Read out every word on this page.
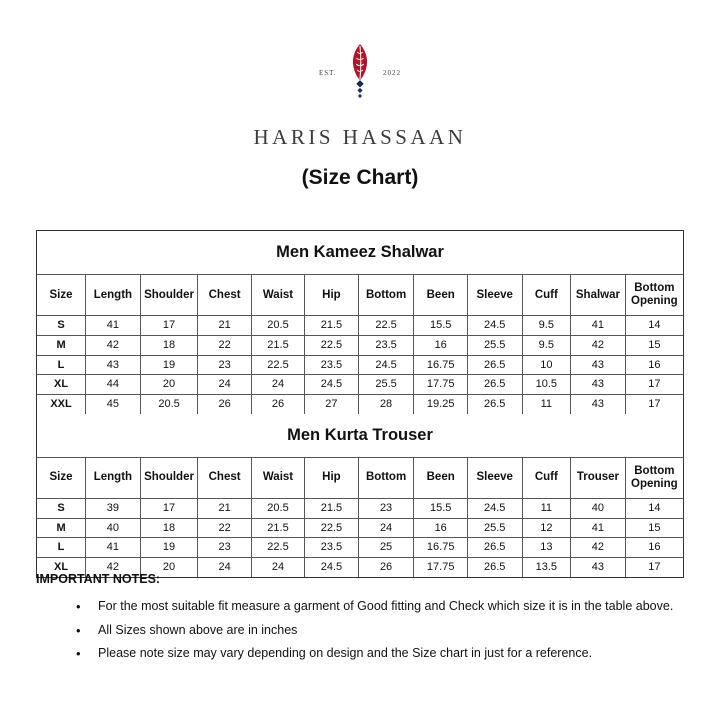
EST.	2022
HARIS HASSAAN
(Size Chart)
Men Kameez Shalwar
Size	Length	Shoulder	Chest	Waist	Hip	Bottom	Been	Sleeve	Cuff	Shalwar	Bottom Opening
S	41	17	21	20.5	21.5	22.5	15.5	24.5	9.5	41	14
M	42	18	22	21.5	22.5	23.5	16	25.5	9.5	42	15
L	43	19	23	22.5	23.5	24.5	16.75	26.5	10	43	16
XL	44	20	24	24	24.5	25.5	17.75	26.5	10.5	43	17
XXL	45	20.5	26	26	27	28	19.25	26.5	11	43	17
Men Kurta Trouser
Size	Length	Shoulder	Chest	Waist	Hip	Bottom	Been	Sleeve	Cuff	Trouser	Bottom Opening
S	39	17	21	20.5	21.5	23	15.5	24.5	11	40	14
M	40	18	22	21.5	22.5	24	16	25.5	12	41	15
L	41	19	23	22.5	23.5	25	16.75	26.5	13	42	16
XL	42	20	24	24	24.5	26	17.75	26.5	13.5	43	17
IMPORTANT NOTES:
• For the most suitable fit measure a garment of Good fitting and Check which size it is in the table above.
• All Sizes shown above are in inches
• Please note size may vary depending on design and the Size chart in just for a reference.
